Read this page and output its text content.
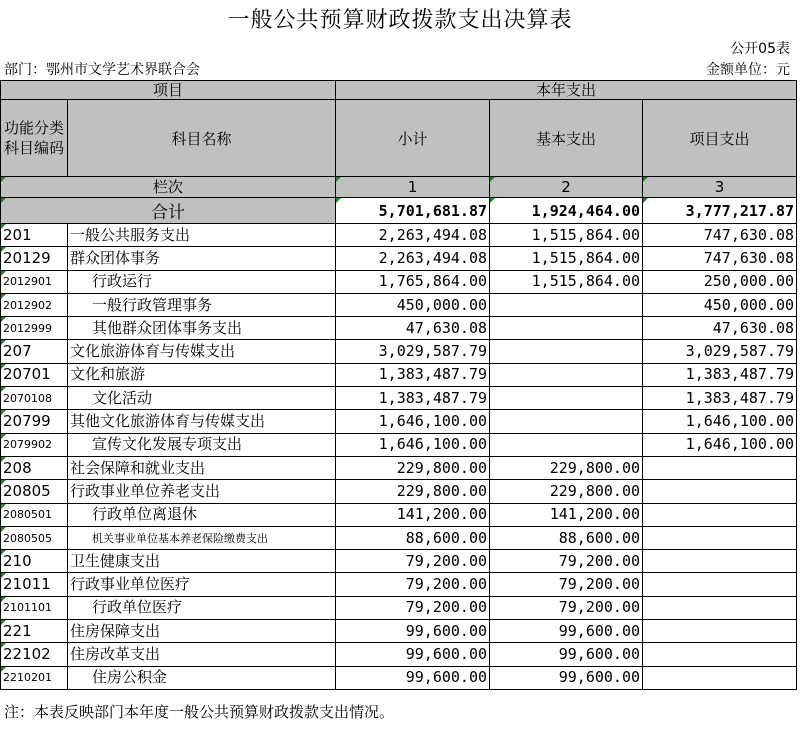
一般公共预算财政拨款支出决算表
公开05表
部门：鄂州市文学艺术界联合会	金额单位：元
项目		本年支出		
功能分类科目编码	科目名称	小计	基本支出	项目支出
栏次		1	2	3
合计		5,701,681.87	1,924,464.00	3,777,217.87
201	一般公共服务支出	2,263,494.08	1,515,864.00	747,630.08
20129	群众团体事务	2,263,494.08	1,515,864.00	747,630.08
2012901	行政运行	1,765,864.00	1,515,864.00	250,000.00
2012902	一般行政管理事务	450,000.00		450,000.00
2012999	其他群众团体事务支出	47,630.08		47,630.08
207	文化旅游体育与传媒支出	3,029,587.79		3,029,587.79
20701	文化和旅游	1,383,487.79		1,383,487.79
2070108	文化活动	1,383,487.79		1,383,487.79
20799	其他文化旅游体育与传媒支出	1,646,100.00		1,646,100.00
2079902	宣传文化发展专项支出	1,646,100.00		1,646,100.00
208	社会保障和就业支出	229,800.00	229,800.00	
20805	行政事业单位养老支出	229,800.00	229,800.00	
2080501	行政单位离退休	141,200.00	141,200.00	
2080505	机关事业单位基本养老保险缴费支出	88,600.00	88,600.00	
210	卫生健康支出	79,200.00	79,200.00	
21011	行政事业单位医疗	79,200.00	79,200.00	
2101101	行政单位医疗	79,200.00	79,200.00	
221	住房保障支出	99,600.00	99,600.00	
22102	住房改革支出	99,600.00	99,600.00	
2210201	住房公积金	99,600.00	99,600.00	
注：本表反映部门本年度一般公共预算财政拨款支出情况。
